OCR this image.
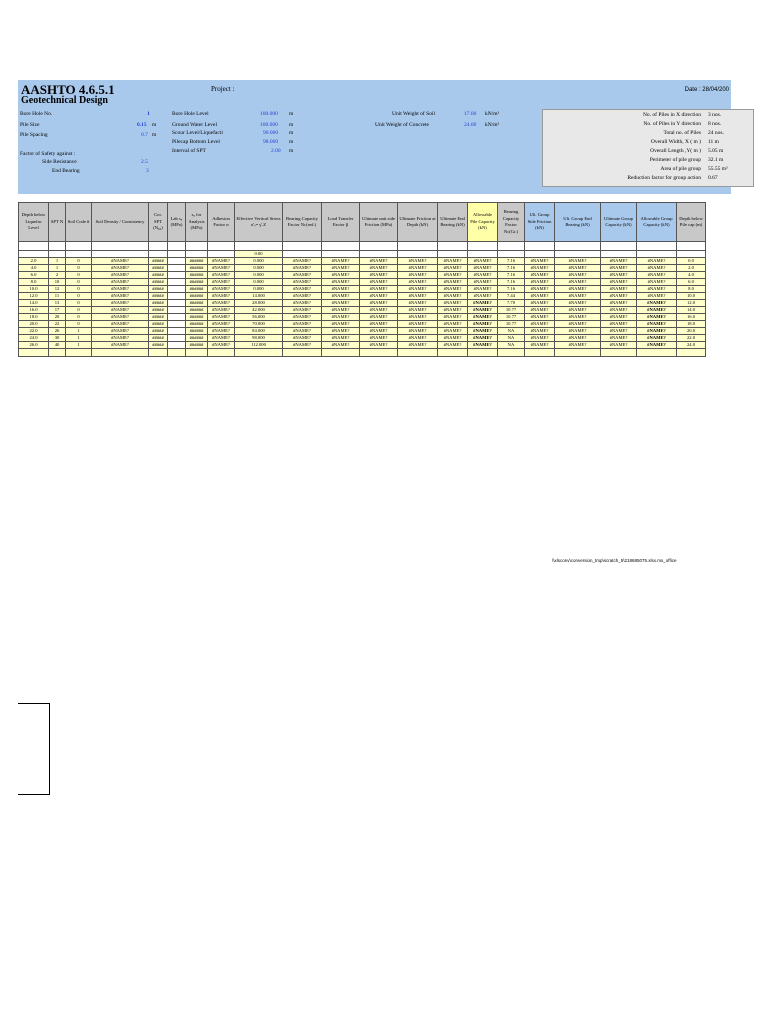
AASHTO 4.6.5.1
Geotechnical Design
Project :	Date : 28/04/200
Bore Hole No.	1
Pile Size	0.15 m
Pile Spacing	0.7 m
Factor of Safety against :
Side Resistance	2.5
End Bearing	3
Bore Hole Level	100.000 m
Ground Water Level	100.000 m
Scour Level/Liquefacti	90.000 m
Pilecap Bottom Level	98.000 m
Interval of SPT	2.00 m
Unit Weight of Soil	17.00 kN/m³
Unit Weight of Concrete	24.00 kN/m³
No. of Piles in X direction 3 nos.
No. of Piles in Y direction 8 nos.
Total no. of Piles 24 nos.
Overall Width, X ( m ) 11 m
Overall Length ,Y( m ) 5.05 m
Perimeter of pile group 32.1 m
Area of pile group 55.55 m²
Reduction factor for group action 0.67
Depth below Liquefac Level	SPT N	Soil Code #	Soil Density / Consistency	Cor. SPT (N₆₀)	Lab sᵤ (MPa)	sᵤ for Analysis (MPa)	Adhesion Factor α	Effective Vertical Stress σ'ᵥ= γ'.Z	Bearing Capacity Factor Nc(red.)	Load Transfer Factor β	Ultimate unit side Friction (MPa)	Ultimate Friction at Depth (kN)	Ultimate End Bearing (kN)	Allowable Pile Capacity (kN)	Bearing Capacity Factor Nc(Gr.)	Ult. Group Side Friction (kN)	Ult. Group End Bearing (kN)	Ultimate Group Capacity (kN)	Allowable Group Capacity (kN)	Depth below Pile cap (m)

								0.00												
2.0	1	0	#NAME?	#####		######	#NAME?	0.000	#NAME?	#NAME?	#NAME?	#NAME?	#NAME?	#NAME?	7.16	#NAME?	#NAME?	#NAME?	#NAME?	0.0
4.0	1	0	#NAME?	#####		######	#NAME?	0.000	#NAME?	#NAME?	#NAME?	#NAME?	#NAME?	#NAME?	7.16	#NAME?	#NAME?	#NAME?	#NAME?	2.0
6.0	2	0	#NAME?	#####		######	#NAME?	0.000	#NAME?	#NAME?	#NAME?	#NAME?	#NAME?	#NAME?	7.16	#NAME?	#NAME?	#NAME?	#NAME?	4.0
8.0	10	0	#NAME?	#####		######	#NAME?	0.000	#NAME?	#NAME?	#NAME?	#NAME?	#NAME?	#NAME?	7.16	#NAME?	#NAME?	#NAME?	#NAME?	6.0
10.0	12	0	#NAME?	#####		######	#NAME?	0.000	#NAME?	#NAME?	#NAME?	#NAME?	#NAME?	#NAME?	7.16	#NAME?	#NAME?	#NAME?	#NAME?	8.0
12.0	11	0	#NAME?	#####		######	#NAME?	14.000	#NAME?	#NAME?	#NAME?	#NAME?	#NAME?	#NAME?	7.44	#NAME?	#NAME?	#NAME?	#NAME?	10.0
14.0	13	0	#NAME?	#####		######	#NAME?	28.000	#NAME?	#NAME?	#NAME?	#NAME?	#NAME?	#NAME?	7.70	#NAME?	#NAME?	#NAME?	#NAME?	12.0
16.0	17	0	#NAME?	#####		######	#NAME?	42.000	#NAME?	#NAME?	#NAME?	#NAME?	#NAME?	#NAME?	10.77	#NAME?	#NAME?	#NAME?	#NAME?	14.0
18.0	20	0	#NAME?	#####		######	#NAME?	56.000	#NAME?	#NAME?	#NAME?	#NAME?	#NAME?	#NAME?	10.77	#NAME?	#NAME?	#NAME?	#NAME?	16.0
20.0	22	0	#NAME?	#####		######	#NAME?	70.000	#NAME?	#NAME?	#NAME?	#NAME?	#NAME?	#NAME?	10.77	#NAME?	#NAME?	#NAME?	#NAME?	18.0
22.0	26	1	#NAME?	#####		######	#NAME?	84.000	#NAME?	#NAME?	#NAME?	#NAME?	#NAME?	#NAME?	NA	#NAME?	#NAME?	#NAME?	#NAME?	20.0
24.0	30	1	#NAME?	#####		######	#NAME?	98.000	#NAME?	#NAME?	#NAME?	#NAME?	#NAME?	#NAME?	NA	#NAME?	#NAME?	#NAME?	#NAME?	22.0
26.0	40	1	#NAME?	#####		######	#NAME?	112.000	#NAME?	#NAME?	#NAME?	#NAME?	#NAME?	#NAME?	NA	#NAME?	#NAME?	#NAME?	#NAME?	24.0

\\xlsconv\conversion_tmp\scratch_5\218685075.xlsx.ms_office
